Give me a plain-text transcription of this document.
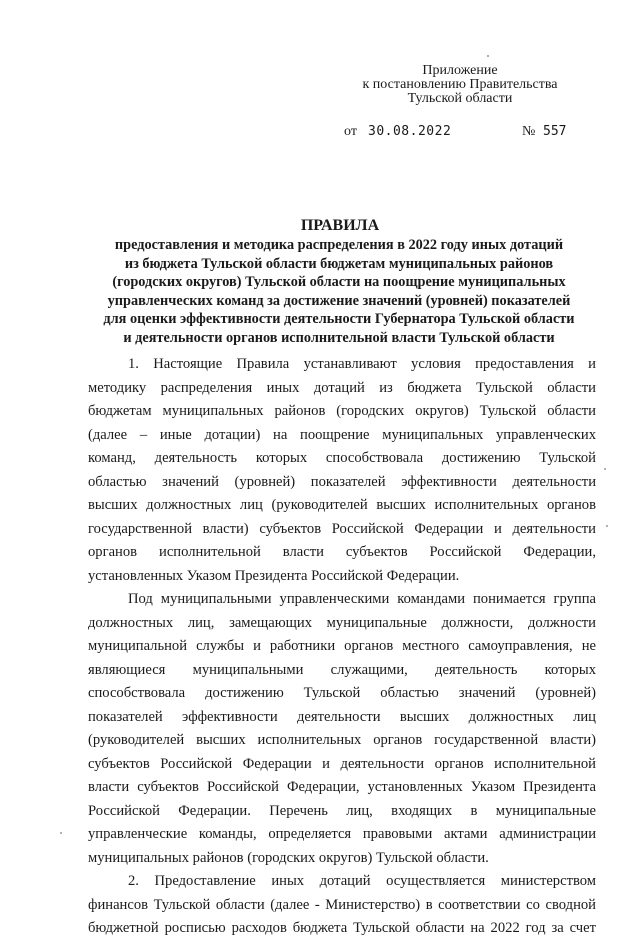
Приложение
к постановлению Правительства
Тульской области
от 30.08.2022	№ 557
ПРАВИЛА
предоставления и методика распределения в 2022 году иных дотаций
из бюджета Тульской области бюджетам муниципальных районов
(городских округов) Тульской области на поощрение муниципальных
управленческих команд за достижение значений (уровней) показателей
для оценки эффективности деятельности Губернатора Тульской области
и деятельности органов исполнительной власти Тульской области
1. Настоящие Правила устанавливают условия предоставления и
методику распределения иных дотаций из бюджета Тульской области
бюджетам муниципальных районов (городских округов) Тульской области
(далее – иные дотации) на поощрение муниципальных управленческих
команд, деятельность которых способствовала достижению Тульской
областью значений (уровней) показателей эффективности деятельности
высших должностных лиц (руководителей высших исполнительных органов
государственной власти) субъектов Российской Федерации и деятельности
органов исполнительной власти субъектов Российской Федерации,
установленных Указом Президента Российской Федерации.
Под муниципальными управленческими командами понимается группа
должностных лиц, замещающих муниципальные должности, должности
муниципальной службы и работники органов местного самоуправления, не
являющиеся муниципальными служащими, деятельность которых
способствовала достижению Тульской областью значений (уровней)
показателей эффективности деятельности высших должностных лиц
(руководителей высших исполнительных органов государственной власти)
субъектов Российской Федерации и деятельности органов исполнительной
власти субъектов Российской Федерации, установленных Указом Президента
Российской Федерации. Перечень лиц, входящих в муниципальные
управленческие команды, определяется правовыми актами администрации
муниципальных районов (городских округов) Тульской области.
2. Предоставление иных дотаций осуществляется министерством
финансов Тульской области (далее - Министерство) в соответствии со сводной
бюджетной росписью расходов бюджета Тульской области на 2022 год за счет
